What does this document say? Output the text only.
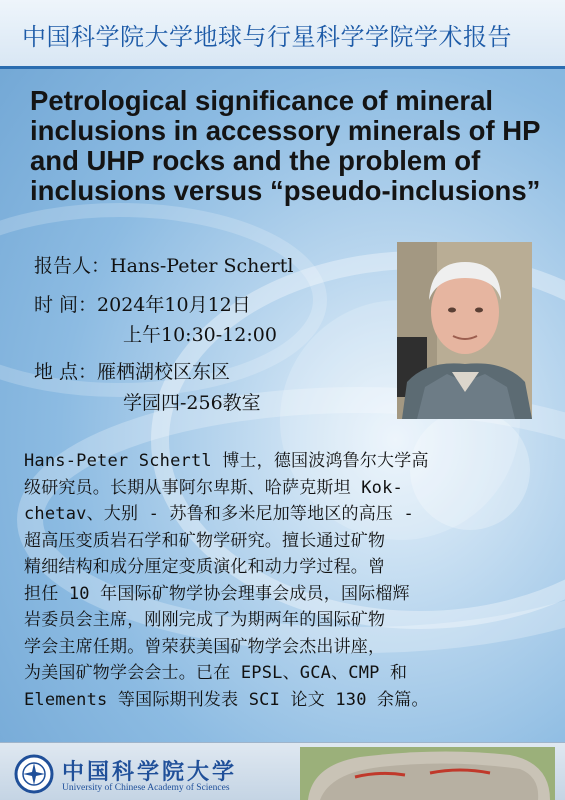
中国科学院大学地球与行星科学学院学术报告
Petrological significance of mineral
inclusions in accessory minerals of HP
and UHP rocks and the problem of
inclusions versus “pseudo-inclusions”
报告人：Hans-Peter Schertl
时 间：2024年10月12日
上午10:30-12:00
地 点：雁栖湖校区东区
学园四-256教室
Hans-Peter Schertl 博士，德国波鸿鲁尔大学高
级研究员。长期从事阿尔卑斯、哈萨克斯坦 Kok-
chetav、大别 - 苏鲁和多米尼加等地区的高压 -
超高压变质岩石学和矿物学研究。擅长通过矿物
精细结构和成分厘定变质演化和动力学过程。曾
担任 10 年国际矿物学协会理事会成员，国际榴辉
岩委员会主席，刚刚完成了为期两年的国际矿物
学会主席任期。曾荣获美国矿物学会杰出讲座，
为美国矿物学会会士。已在 EPSL、GCA、CMP 和
Elements 等国际期刊发表 SCI 论文 130 余篇。
中国科学院大学
University of Chinese Academy of Sciences
